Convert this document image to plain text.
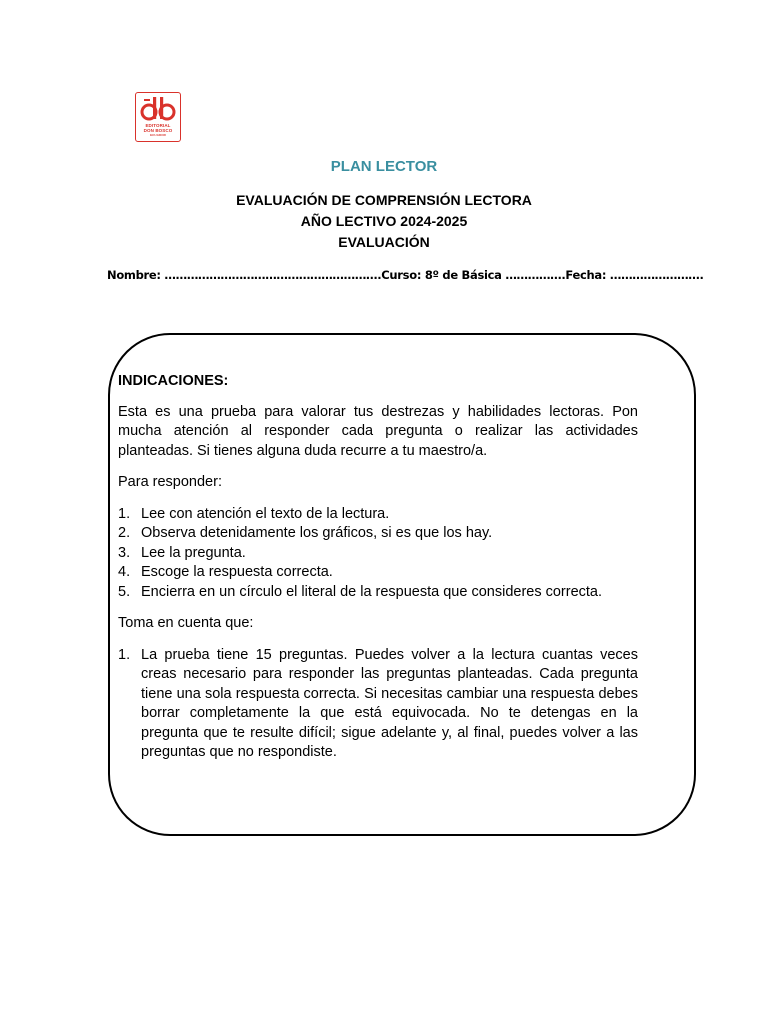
EDITORIAL
DON BOSCO
ECUADOR
PLAN LECTOR
EVALUACIÓN DE COMPRENSIÓN LECTORA
AÑO LECTIVO 2024-2025
EVALUACIÓN
Nombre: ………………………………………………….Curso: 8º de Básica …………….Fecha: …………………….
INDICACIONES:

Esta es una prueba para valorar tus destrezas y habilidades lectoras. Pon mucha atención al responder cada pregunta o realizar las actividades planteadas. Si tienes alguna duda recurre a tu maestro/a.

Para responder:

1. Lee con atención el texto de la lectura.
2. Observa detenidamente los gráficos, si es que los hay.
3. Lee la pregunta.
4. Escoge la respuesta correcta.
5. Encierra en un círculo el literal de la respuesta que consideres correcta.

Toma en cuenta que:

1. La prueba tiene 15 preguntas. Puedes volver a la lectura cuantas veces creas necesario para responder las preguntas planteadas. Cada pregunta tiene una sola respuesta correcta. Si necesitas cambiar una respuesta debes borrar completamente la que está equivocada. No te detengas en la pregunta que te resulte difícil; sigue adelante y, al final, puedes volver a las preguntas que no respondiste.
